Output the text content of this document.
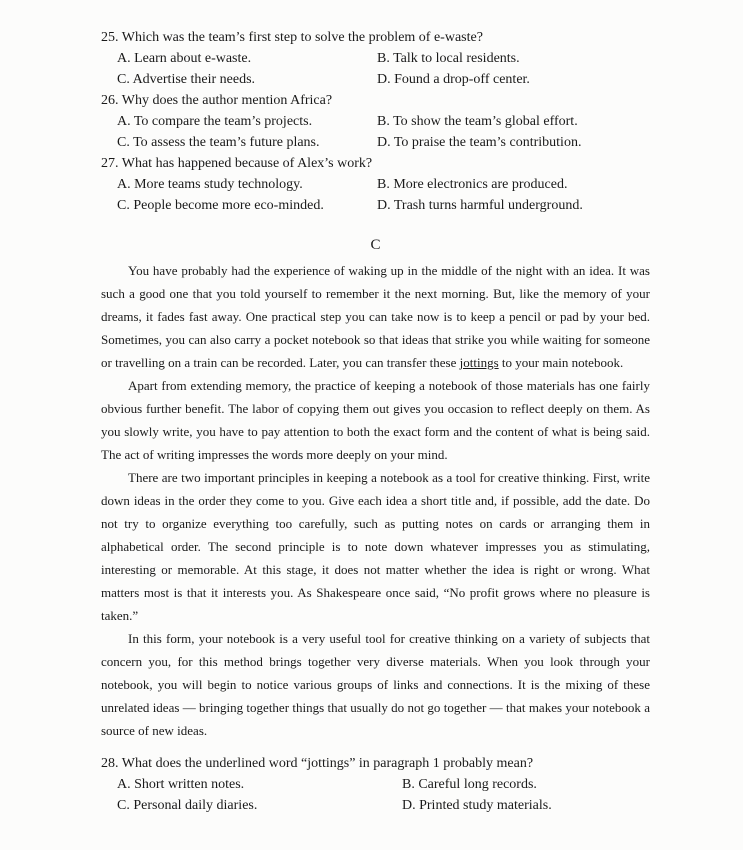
25. Which was the team’s first step to solve the problem of e-waste?
A. Learn about e-waste.	B. Talk to local residents.
C. Advertise their needs.	D. Found a drop-off center.
26. Why does the author mention Africa?
A. To compare the team’s projects.	B. To show the team’s global effort.
C. To assess the team’s future plans.	D. To praise the team’s contribution.
27. What has happened because of Alex’s work?
A. More teams study technology.	B. More electronics are produced.
C. People become more eco-minded.	D. Trash turns harmful underground.
C

You have probably had the experience of waking up in the middle of the night with an idea. It was such a good one that you told yourself to remember it the next morning. But, like the memory of your dreams, it fades fast away. One practical step you can take now is to keep a pencil or pad by your bed. Sometimes, you can also carry a pocket notebook so that ideas that strike you while waiting for someone or travelling on a train can be recorded. Later, you can transfer these jottings to your main notebook.

Apart from extending memory, the practice of keeping a notebook of those materials has one fairly obvious further benefit. The labor of copying them out gives you occasion to reflect deeply on them. As you slowly write, you have to pay attention to both the exact form and the content of what is being said. The act of writing impresses the words more deeply on your mind.

There are two important principles in keeping a notebook as a tool for creative thinking. First, write down ideas in the order they come to you. Give each idea a short title and, if possible, add the date. Do not try to organize everything too carefully, such as putting notes on cards or arranging them in alphabetical order. The second principle is to note down whatever impresses you as stimulating, interesting or memorable. At this stage, it does not matter whether the idea is right or wrong. What matters most is that it interests you. As Shakespeare once said, “No profit grows where no pleasure is taken.”

In this form, your notebook is a very useful tool for creative thinking on a variety of subjects that concern you, for this method brings together very diverse materials. When you look through your notebook, you will begin to notice various groups of links and connections. It is the mixing of these unrelated ideas — bringing together things that usually do not go together — that makes your notebook a source of new ideas.

28. What does the underlined word “jottings” in paragraph 1 probably mean?
A. Short written notes.	B. Careful long records.
C. Personal daily diaries.	D. Printed study materials.
